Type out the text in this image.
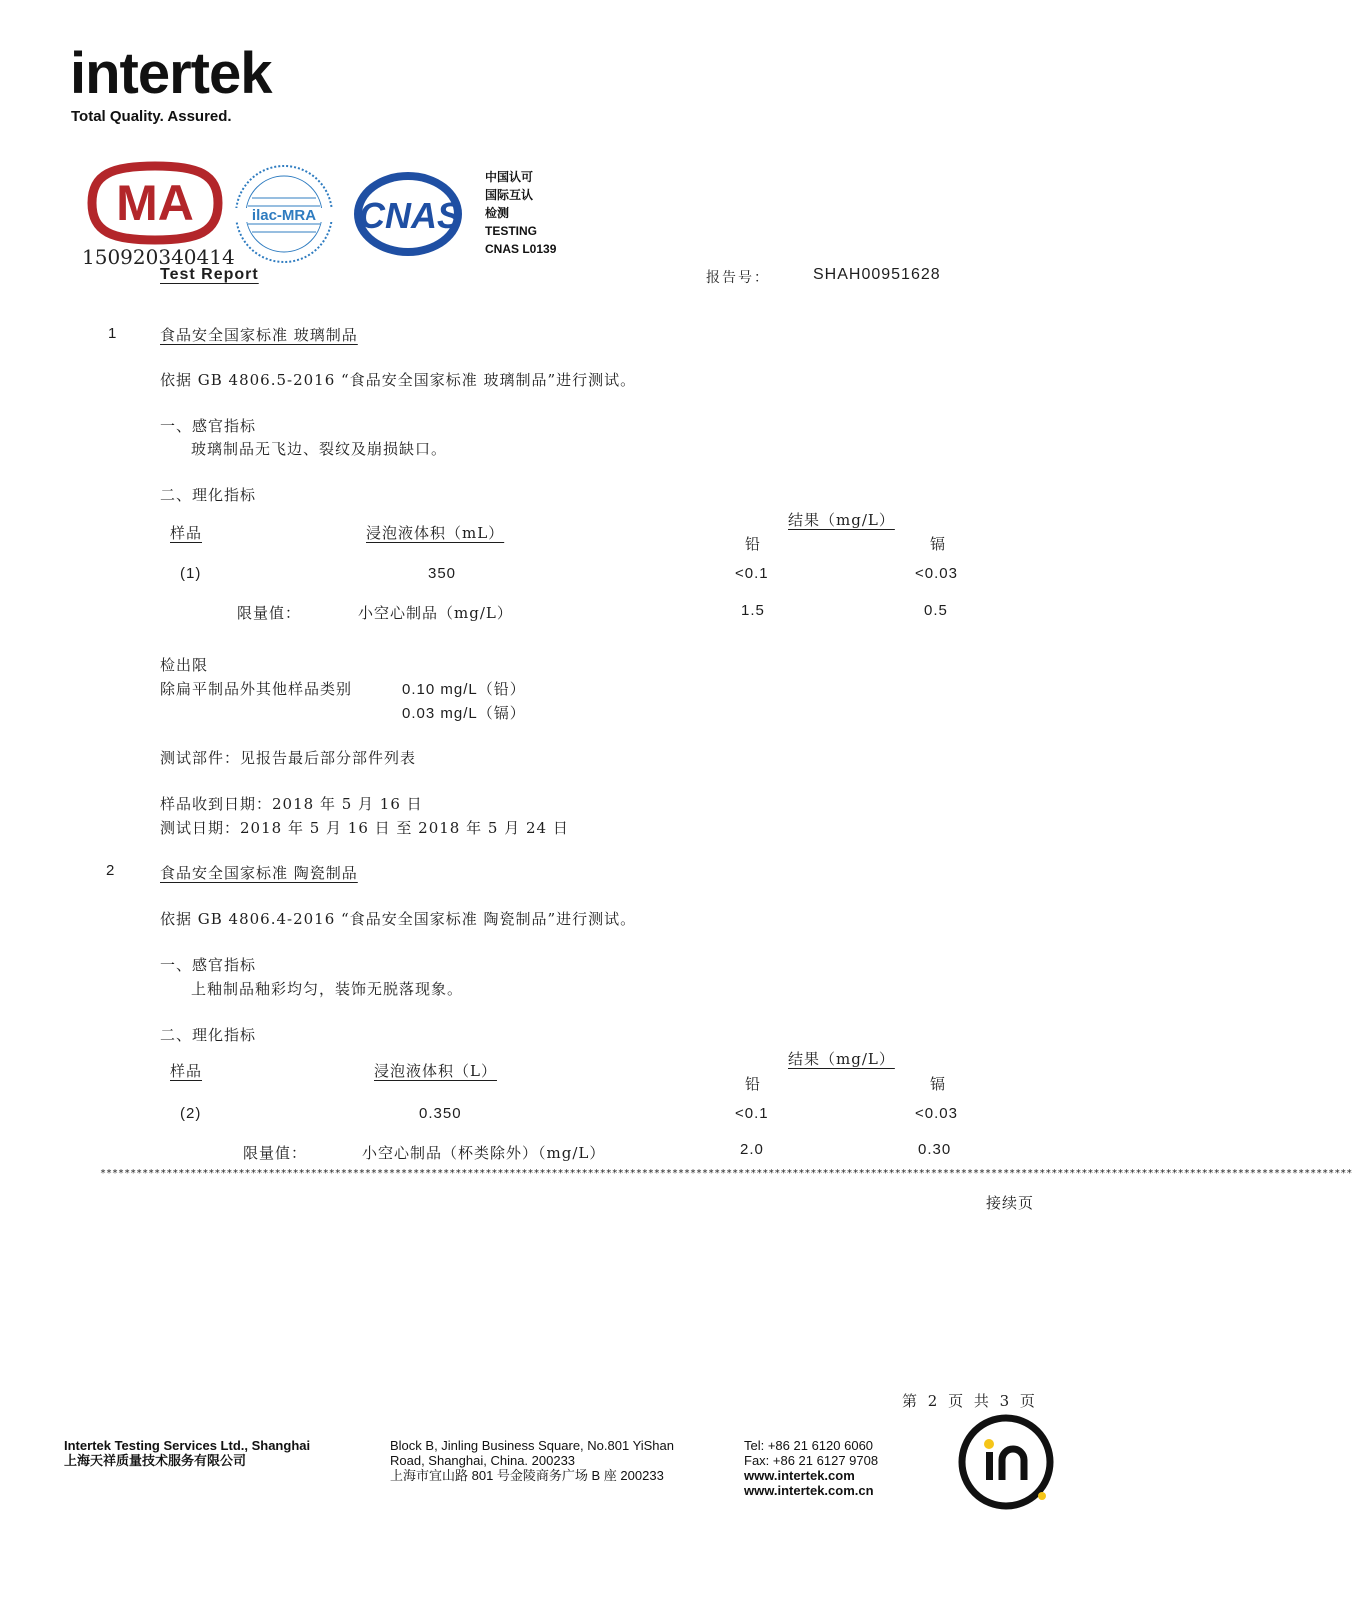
intertek
Total Quality. Assured.
MA
150920340414
ilac-MRA CNAS
中国认可
国际互认
检测
TESTING
CNAS L0139
Test Report	报告号：	SHAH00951628
1	食品安全国家标准 玻璃制品
依据 GB 4806.5-2016 “食品安全国家标准 玻璃制品”进行测试。
一、感官指标
玻璃制品无飞边、裂纹及崩损缺口。
二、理化指标
样品	浸泡液体积（mL）
结果（mg/L）
铅	镉
(1)	350	<0.1	<0.03
限量值：	小空心制品（mg/L）	1.5	0.5
检出限
除扁平制品外其他样品类别	0.10 mg/L（铅）
0.03 mg/L（镉）
测试部件：见报告最后部分部件列表
样品收到日期：2018 年 5 月 16 日
测试日期：2018 年 5 月 16 日 至 2018 年 5 月 24 日
2	食品安全国家标准 陶瓷制品
依据 GB 4806.4-2016 “食品安全国家标准 陶瓷制品”进行测试。
一、感官指标
上釉制品釉彩均匀，装饰无脱落现象。
二、理化指标
样品	浸泡液体积（L）
结果（mg/L）
铅	镉
(2)	0.350	<0.1	<0.03
限量值：	小空心制品（杯类除外）（mg/L）	2.0	0.30
****************************************************************************************************************************************************************************************************************
接续页
第 2 页 共 3 页
Intertek Testing Services Ltd., Shanghai
上海天祥质量技术服务有限公司
Block B, Jinling Business Square, No.801 YiShan
Road, Shanghai, China. 200233
上海市宜山路 801 号金陵商务广场 B 座 200233
Tel: +86 21 6120 6060
Fax: +86 21 6127 9708
www.intertek.com
www.intertek.com.cn
